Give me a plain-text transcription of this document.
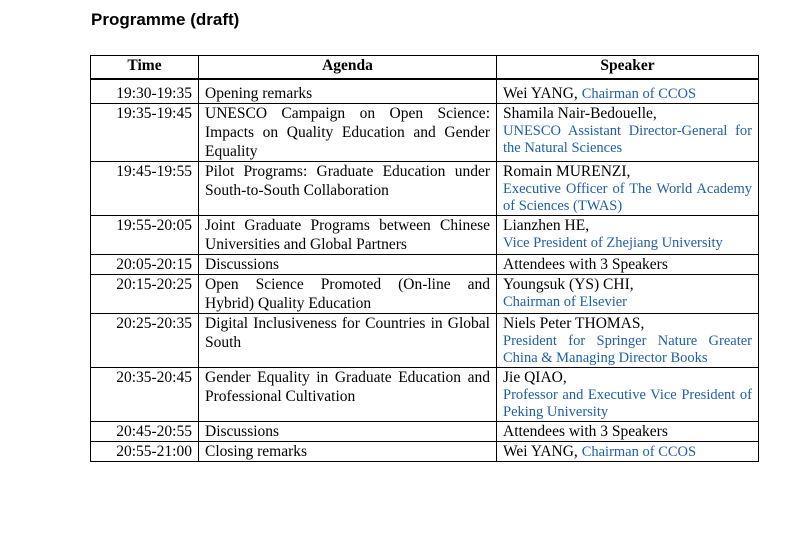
Programme (draft)
Time	Agenda	Speaker
19:30-19:35	Opening remarks	Wei YANG, Chairman of CCOS
19:35-19:45	UNESCO Campaign on Open Science: Impacts on Quality Education and Gender Equality	Shamila Nair-Bedouelle,
UNESCO Assistant Director-General for the Natural Sciences

19:45-19:55	Pilot Programs: Graduate Education under South-to-South Collaboration	Romain MURENZI,
Executive Officer of The World Academy of Sciences (TWAS)

19:55-20:05	Joint Graduate Programs between Chinese Universities and Global Partners	Lianzhen HE,
Vice President of Zhejiang University

20:05-20:15	Discussions	Attendees with 3 Speakers
20:15-20:25	Open Science Promoted (On-line and Hybrid) Quality Education	Youngsuk (YS) CHI,
Chairman of Elsevier

20:25-20:35	Digital Inclusiveness for Countries in Global South	Niels Peter THOMAS,
President for Springer Nature Greater China & Managing Director Books

20:35-20:45	Gender Equality in Graduate Education and Professional Cultivation	Jie QIAO,
Professor and Executive Vice President of Peking University

20:45-20:55	Discussions	Attendees with 3 Speakers
20:55-21:00	Closing remarks	Wei YANG, Chairman of CCOS
